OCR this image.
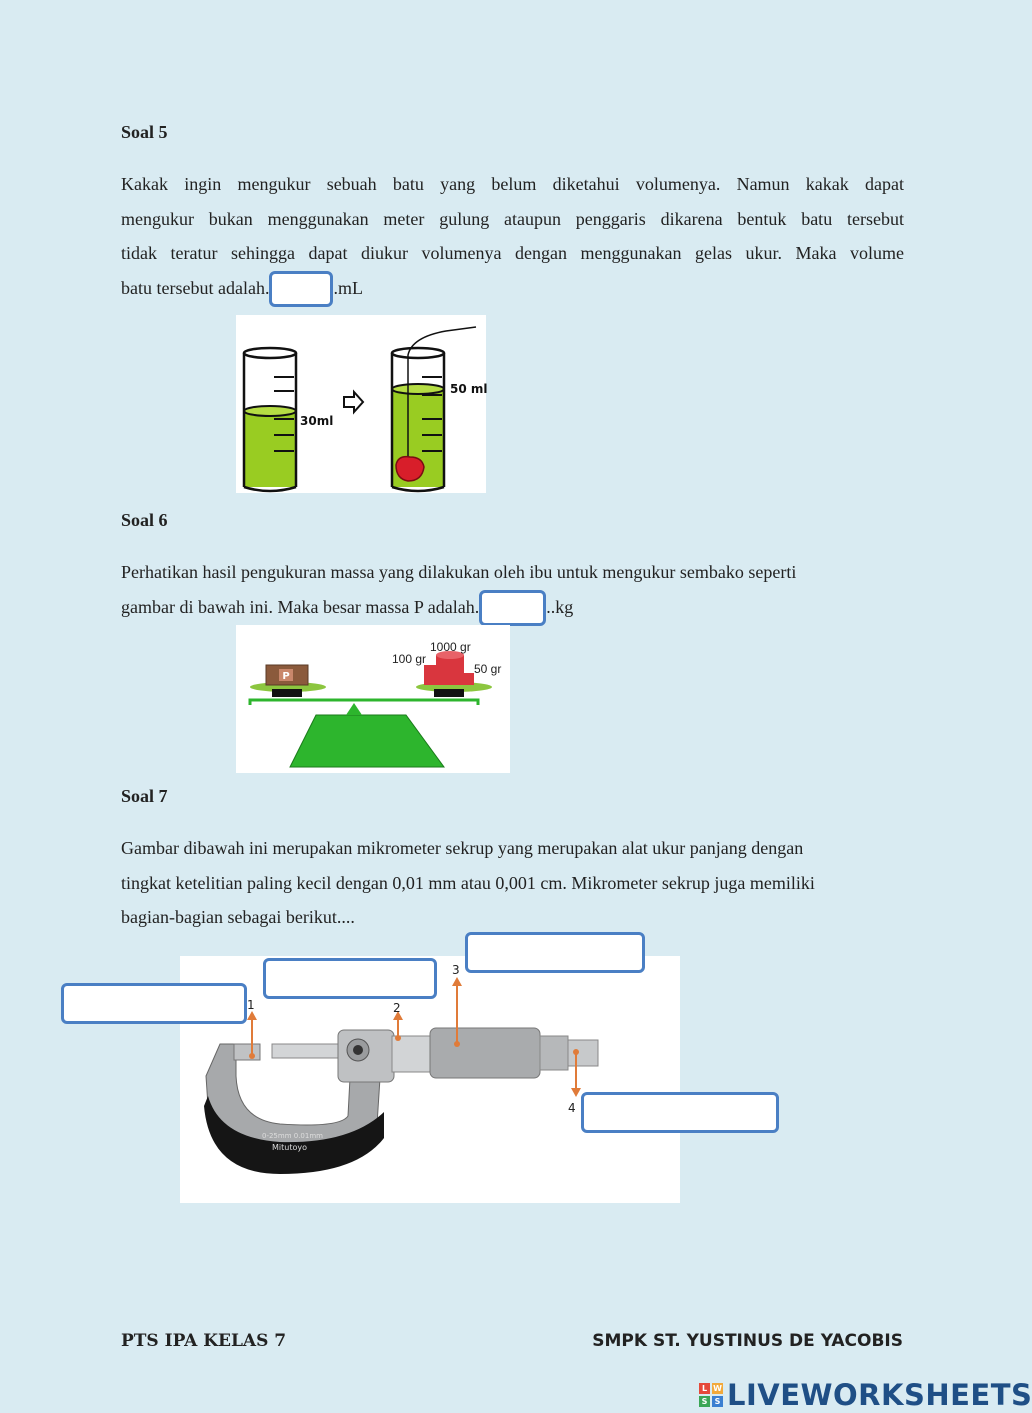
Soal 5
Kakak ingin mengukur sebuah batu yang belum diketahui volumenya. Namun kakak dapat
mengukur bukan menggunakan meter gulung ataupun penggaris dikarena bentuk batu tersebut
tidak teratur sehingga dapat diukur volumenya dengan menggunakan gelas ukur. Maka volume
batu tersebut adalah.	.mL
30ml
50 ml
Soal 6
Perhatikan hasil pengukuran massa yang dilakukan oleh ibu untuk mengukur sembako seperti
gambar di bawah ini. Maka besar massa P adalah.	..kg
P
100 gr
1000 gr
50 gr
Soal 7
Gambar dibawah ini merupakan mikrometer sekrup yang merupakan alat ukur panjang dengan
tingkat ketelitian paling kecil dengan 0,01 mm atau 0,001 cm. Mikrometer sekrup juga memiliki
bagian-bagian sebagai berikut....
0-25mm 0.01mm
Mitutoyo
1	2
3
4
PTS IPA KELAS 7	SMPK ST. YUSTINUS DE YACOBIS
L W
S S LIVEWORKSHEETS
